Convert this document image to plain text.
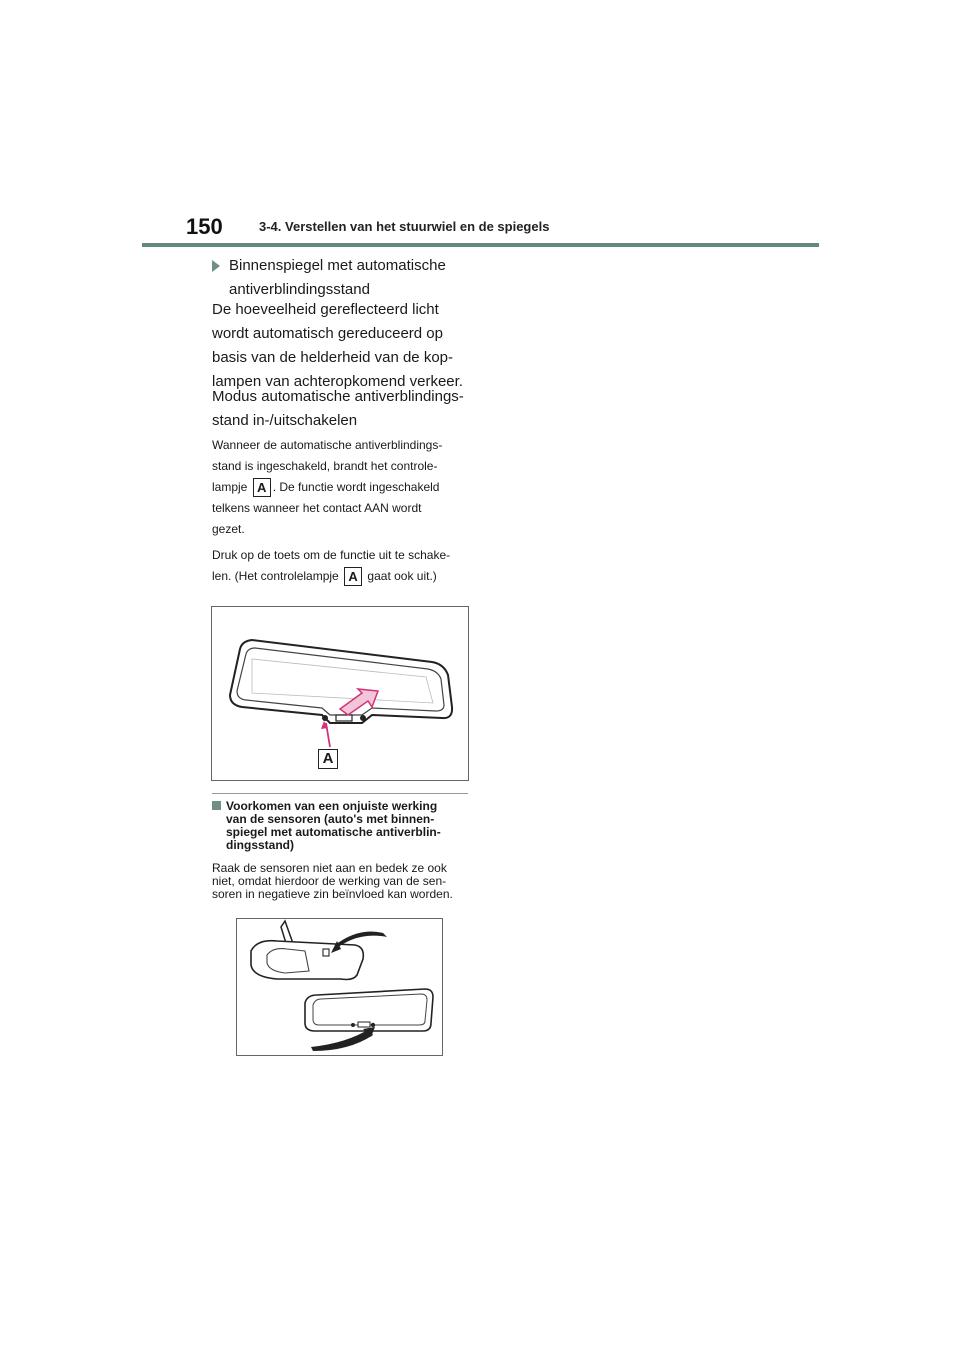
150	3-4. Verstellen van het stuurwiel en de spiegels
Binnenspiegel met automatische
antiverblindingsstand
De hoeveelheid gereflecteerd licht
wordt automatisch gereduceerd op
basis van de helderheid van de kop-
lampen van achteropkomend verkeer.
Modus automatische antiverblindings-
stand in-/uitschakelen
Wanneer de automatische antiverblindings-
stand is ingeschakeld, brandt het controle-
lampje A . De functie wordt ingeschakeld
telkens wanneer het contact AAN wordt
gezet.
Druk op de toets om de functie uit te schake-
len. (Het controlelampje A gaat ook uit.)
A
Voorkomen van een onjuiste werking
van de sensoren (auto's met binnen-
spiegel met automatische antiverblin-
dingsstand)
Raak de sensoren niet aan en bedek ze ook
niet, omdat hierdoor de werking van de sen-
soren in negatieve zin beïnvloed kan worden.
